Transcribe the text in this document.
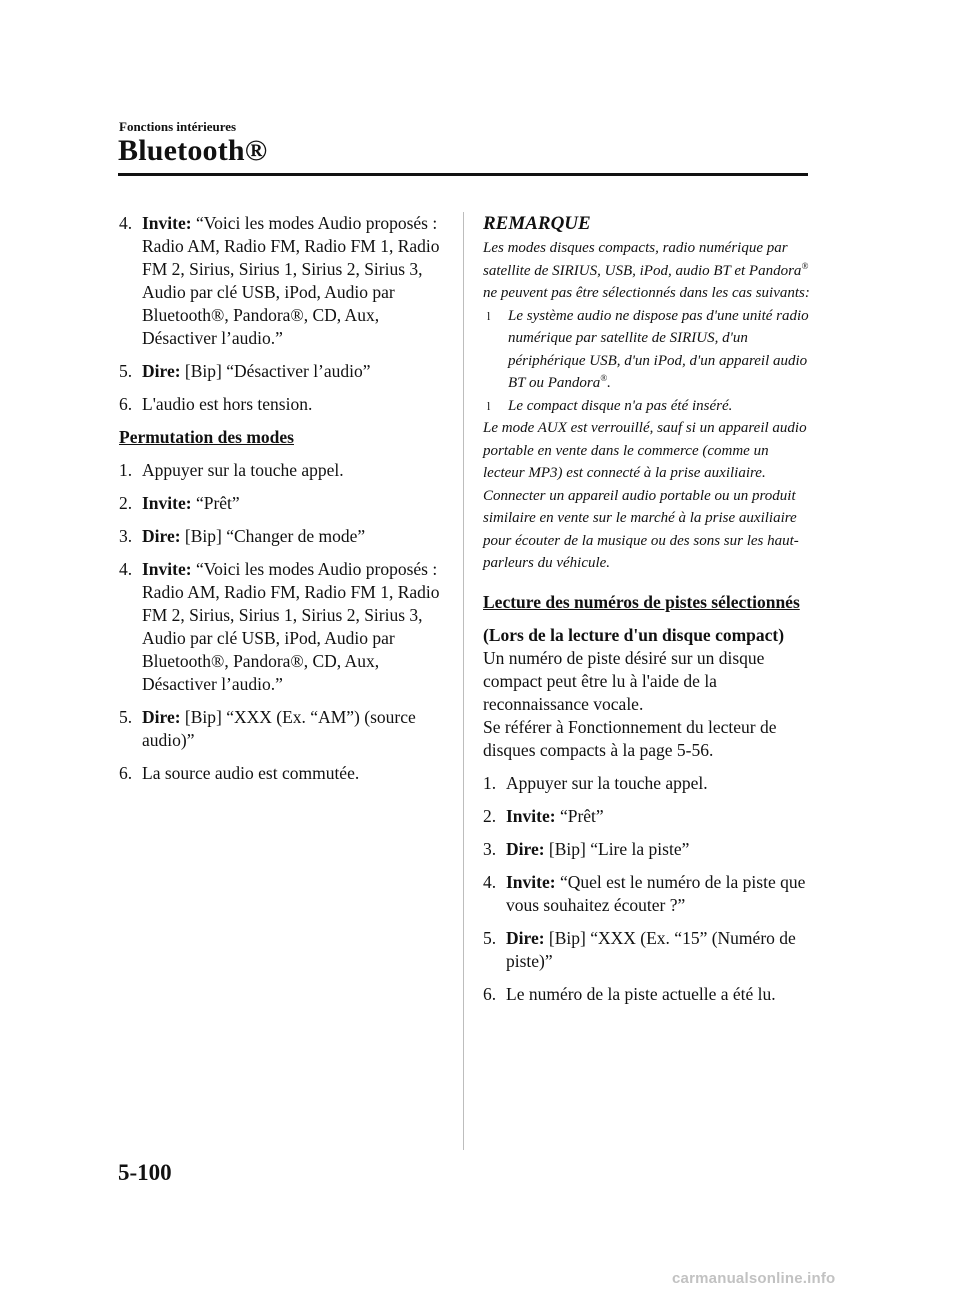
Fonctions intérieures
Bluetooth®
4. Invite: “Voici les modes Audio proposés : Radio AM, Radio FM, Radio FM 1, Radio FM 2, Sirius, Sirius 1, Sirius 2, Sirius 3, Audio par clé USB, iPod, Audio par Bluetooth®, Pandora®, CD, Aux, Désactiver l’audio.”
5. Dire: [Bip] “Désactiver l’audio”
6. L'audio est hors tension.
Permutation des modes
1. Appuyer sur la touche appel.
2. Invite: “Prêt”
3. Dire: [Bip] “Changer de mode”
4. Invite: “Voici les modes Audio proposés : Radio AM, Radio FM, Radio FM 1, Radio FM 2, Sirius, Sirius 1, Sirius 2, Sirius 3, Audio par clé USB, iPod, Audio par Bluetooth®, Pandora®, CD, Aux, Désactiver l’audio.”
5. Dire: [Bip] “XXX (Ex. “AM”) (source audio)”
6. La source audio est commutée.
REMARQUE

Les modes disques compacts, radio numérique par satellite de SIRIUS, USB, iPod, audio BT et Pandora® ne peuvent pas être sélectionnés dans les cas suivants:

l Le système audio ne dispose pas d'une unité radio numérique par satellite de SIRIUS, d'un périphérique USB, d'un iPod, d'un appareil audio BT ou Pandora®.
l Le compact disque n'a pas été inséré.

Le mode AUX est verrouillé, sauf si un appareil audio portable en vente dans le commerce (comme un lecteur MP3) est connecté à la prise auxiliaire. Connecter un appareil audio portable ou un produit similaire en vente sur le marché à la prise auxiliaire pour écouter de la musique ou des sons sur les haut-parleurs du véhicule.

Lecture des numéros de pistes sélectionnés
(Lors de la lecture d'un disque compact)
Un numéro de piste désiré sur un disque compact peut être lu à l'aide de la reconnaissance vocale.
Se référer à Fonctionnement du lecteur de disques compacts à la page 5-56.
1. Appuyer sur la touche appel.
2. Invite: “Prêt”
3. Dire: [Bip] “Lire la piste”
4. Invite: “Quel est le numéro de la piste que vous souhaitez écouter ?”
5. Dire: [Bip] “XXX (Ex. “15” (Numéro de piste)”
6. Le numéro de la piste actuelle a été lu.
5-100
carmanualsonline.info
